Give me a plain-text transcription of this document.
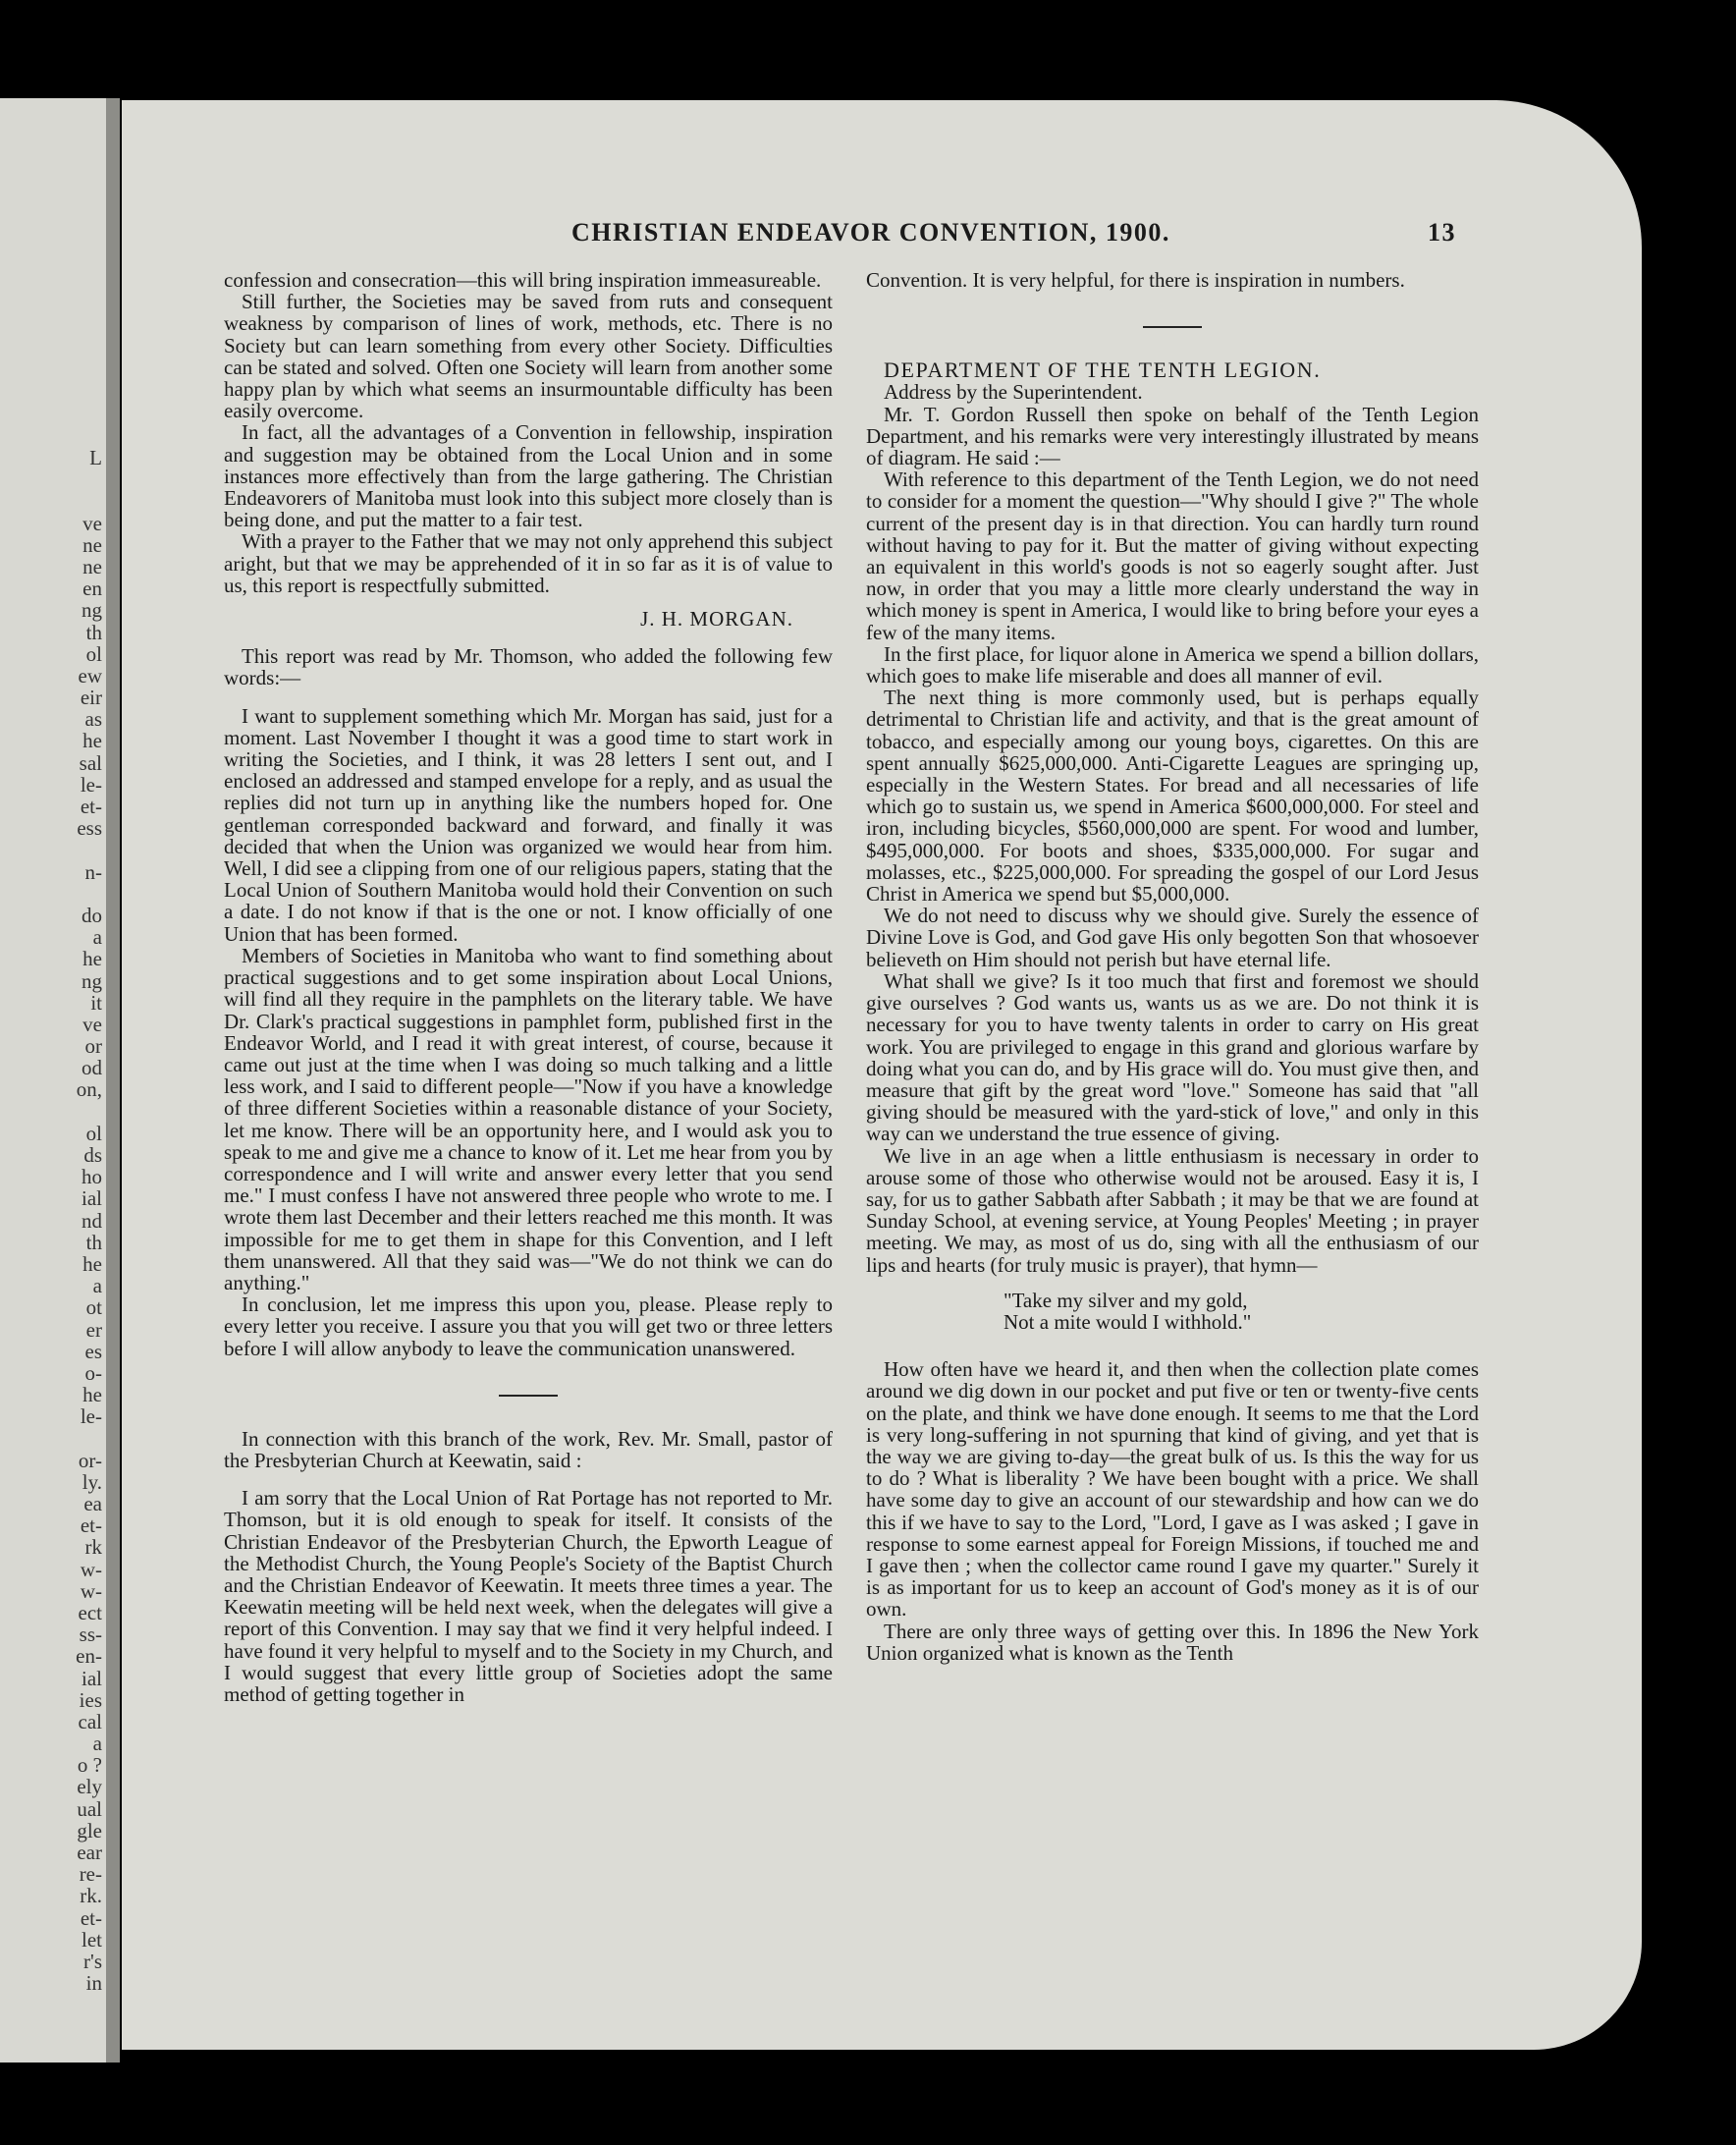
L
ve
ne
ne
en
ng
th
ol
ew
eir
as
he
sal
le-
et-
ess
n-
do
a
he
ng
it
ve
or
od
on,
ol
ds
ho
ial
nd
th
he
a
ot
er
es
o-
he
le-
or-
ly.
ea
et-
rk
w-
w-
ect
ss-
en-
ial
ies
cal
a
o ?
ely
ual
gle
ear
re-
rk.
et-
let
r's
in
CHRISTIAN ENDEAVOR CONVENTION, 1900.	13

confession and consecration—this will bring inspiration immeasureable.

Still further, the Societies may be saved from ruts and consequent weakness by comparison of lines of work, methods, etc. There is no Society but can learn something from every other Society. Difficulties can be stated and solved. Often one Society will learn from another some happy plan by which what seems an insurmountable difficulty has been easily overcome.

In fact, all the advantages of a Convention in fellowship, inspiration and suggestion may be obtained from the Local Union and in some instances more effectively than from the large gathering. The Christian Endeavorers of Manitoba must look into this subject more closely than is being done, and put the matter to a fair test.

With a prayer to the Father that we may not only apprehend this subject aright, but that we may be apprehended of it in so far as it is of value to us, this report is respectfully submitted.

J. H. MORGAN.

This report was read by Mr. Thomson, who added the following few words:—

I want to supplement something which Mr. Morgan has said, just for a moment. Last November I thought it was a good time to start work in writing the Societies, and I think, it was 28 letters I sent out, and I enclosed an addressed and stamped envelope for a reply, and as usual the replies did not turn up in anything like the numbers hoped for. One gentleman corresponded backward and forward, and finally it was decided that when the Union was organized we would hear from him. Well, I did see a clipping from one of our religious papers, stating that the Local Union of Southern Manitoba would hold their Convention on such a date. I do not know if that is the one or not. I know officially of one Union that has been formed.

Members of Societies in Manitoba who want to find something about practical suggestions and to get some inspiration about Local Unions, will find all they require in the pamphlets on the literary table. We have Dr. Clark's practical suggestions in pamphlet form, published first in the Endeavor World, and I read it with great interest, of course, because it came out just at the time when I was doing so much talking and a little less work, and I said to different people—"Now if you have a knowledge of three different Societies within a reasonable distance of your Society, let me know. There will be an opportunity here, and I would ask you to speak to me and give me a chance to know of it. Let me hear from you by correspondence and I will write and answer every letter that you send me." I must confess I have not answered three people who wrote to me. I wrote them last December and their letters reached me this month. It was impossible for me to get them in shape for this Convention, and I left them unanswered. All that they said was—"We do not think we can do anything."

In conclusion, let me impress this upon you, please. Please reply to every letter you receive. I assure you that you will get two or three letters before I will allow anybody to leave the communication unanswered.

In connection with this branch of the work, Rev. Mr. Small, pastor of the Presbyterian Church at Keewatin, said :

I am sorry that the Local Union of Rat Portage has not reported to Mr. Thomson, but it is old enough to speak for itself. It consists of the Christian Endeavor of the Presbyterian Church, the Epworth League of the Methodist Church, the Young People's Society of the Baptist Church and the Christian Endeavor of Keewatin. It meets three times a year. The Keewatin meeting will be held next week, when the delegates will give a report of this Convention. I may say that we find it very helpful indeed. I have found it very helpful to myself and to the Society in my Church, and I would suggest that every little group of Societies adopt the same method of getting together in

Convention. It is very helpful, for there is inspiration in numbers.

DEPARTMENT OF THE TENTH LEGION.

Address by the Superintendent.

Mr. T. Gordon Russell then spoke on behalf of the Tenth Legion Department, and his remarks were very interestingly illustrated by means of diagram. He said :—

With reference to this department of the Tenth Legion, we do not need to consider for a moment the question—"Why should I give ?" The whole current of the present day is in that direction. You can hardly turn round without having to pay for it. But the matter of giving without expecting an equivalent in this world's goods is not so eagerly sought after. Just now, in order that you may a little more clearly understand the way in which money is spent in America, I would like to bring before your eyes a few of the many items.

In the first place, for liquor alone in America we spend a billion dollars, which goes to make life miserable and does all manner of evil.

The next thing is more commonly used, but is perhaps equally detrimental to Christian life and activity, and that is the great amount of tobacco, and especially among our young boys, cigarettes. On this are spent annually $625,000,000. Anti-Cigarette Leagues are springing up, especially in the Western States. For bread and all necessaries of life which go to sustain us, we spend in America $600,000,000. For steel and iron, including bicycles, $560,000,000 are spent. For wood and lumber, $495,000,000. For boots and shoes, $335,000,000. For sugar and molasses, etc., $225,000,000. For spreading the gospel of our Lord Jesus Christ in America we spend but $5,000,000.

We do not need to discuss why we should give. Surely the essence of Divine Love is God, and God gave His only begotten Son that whosoever believeth on Him should not perish but have eternal life.

What shall we give? Is it too much that first and foremost we should give ourselves ? God wants us, wants us as we are. Do not think it is necessary for you to have twenty talents in order to carry on His great work. You are privileged to engage in this grand and glorious warfare by doing what you can do, and by His grace will do. You must give then, and measure that gift by the great word "love." Someone has said that "all giving should be measured with the yard-stick of love," and only in this way can we understand the true essence of giving.

We live in an age when a little enthusiasm is necessary in order to arouse some of those who otherwise would not be aroused. Easy it is, I say, for us to gather Sabbath after Sabbath ; it may be that we are found at Sunday School, at evening service, at Young Peoples' Meeting ; in prayer meeting. We may, as most of us do, sing with all the enthusiasm of our lips and hearts (for truly music is prayer), that hymn—

"Take my silver and my gold,
Not a mite would I withhold."

How often have we heard it, and then when the collection plate comes around we dig down in our pocket and put five or ten or twenty-five cents on the plate, and think we have done enough. It seems to me that the Lord is very long-suffering in not spurning that kind of giving, and yet that is the way we are giving to-day—the great bulk of us. Is this the way for us to do ? What is liberality ? We have been bought with a price. We shall have some day to give an account of our stewardship and how can we do this if we have to say to the Lord, "Lord, I gave as I was asked ; I gave in response to some earnest appeal for Foreign Missions, if touched me and I gave then ; when the collector came round I gave my quarter." Surely it is as important for us to keep an account of God's money as it is of our own.

There are only three ways of getting over this. In 1896 the New York Union organized what is known as the Tenth
